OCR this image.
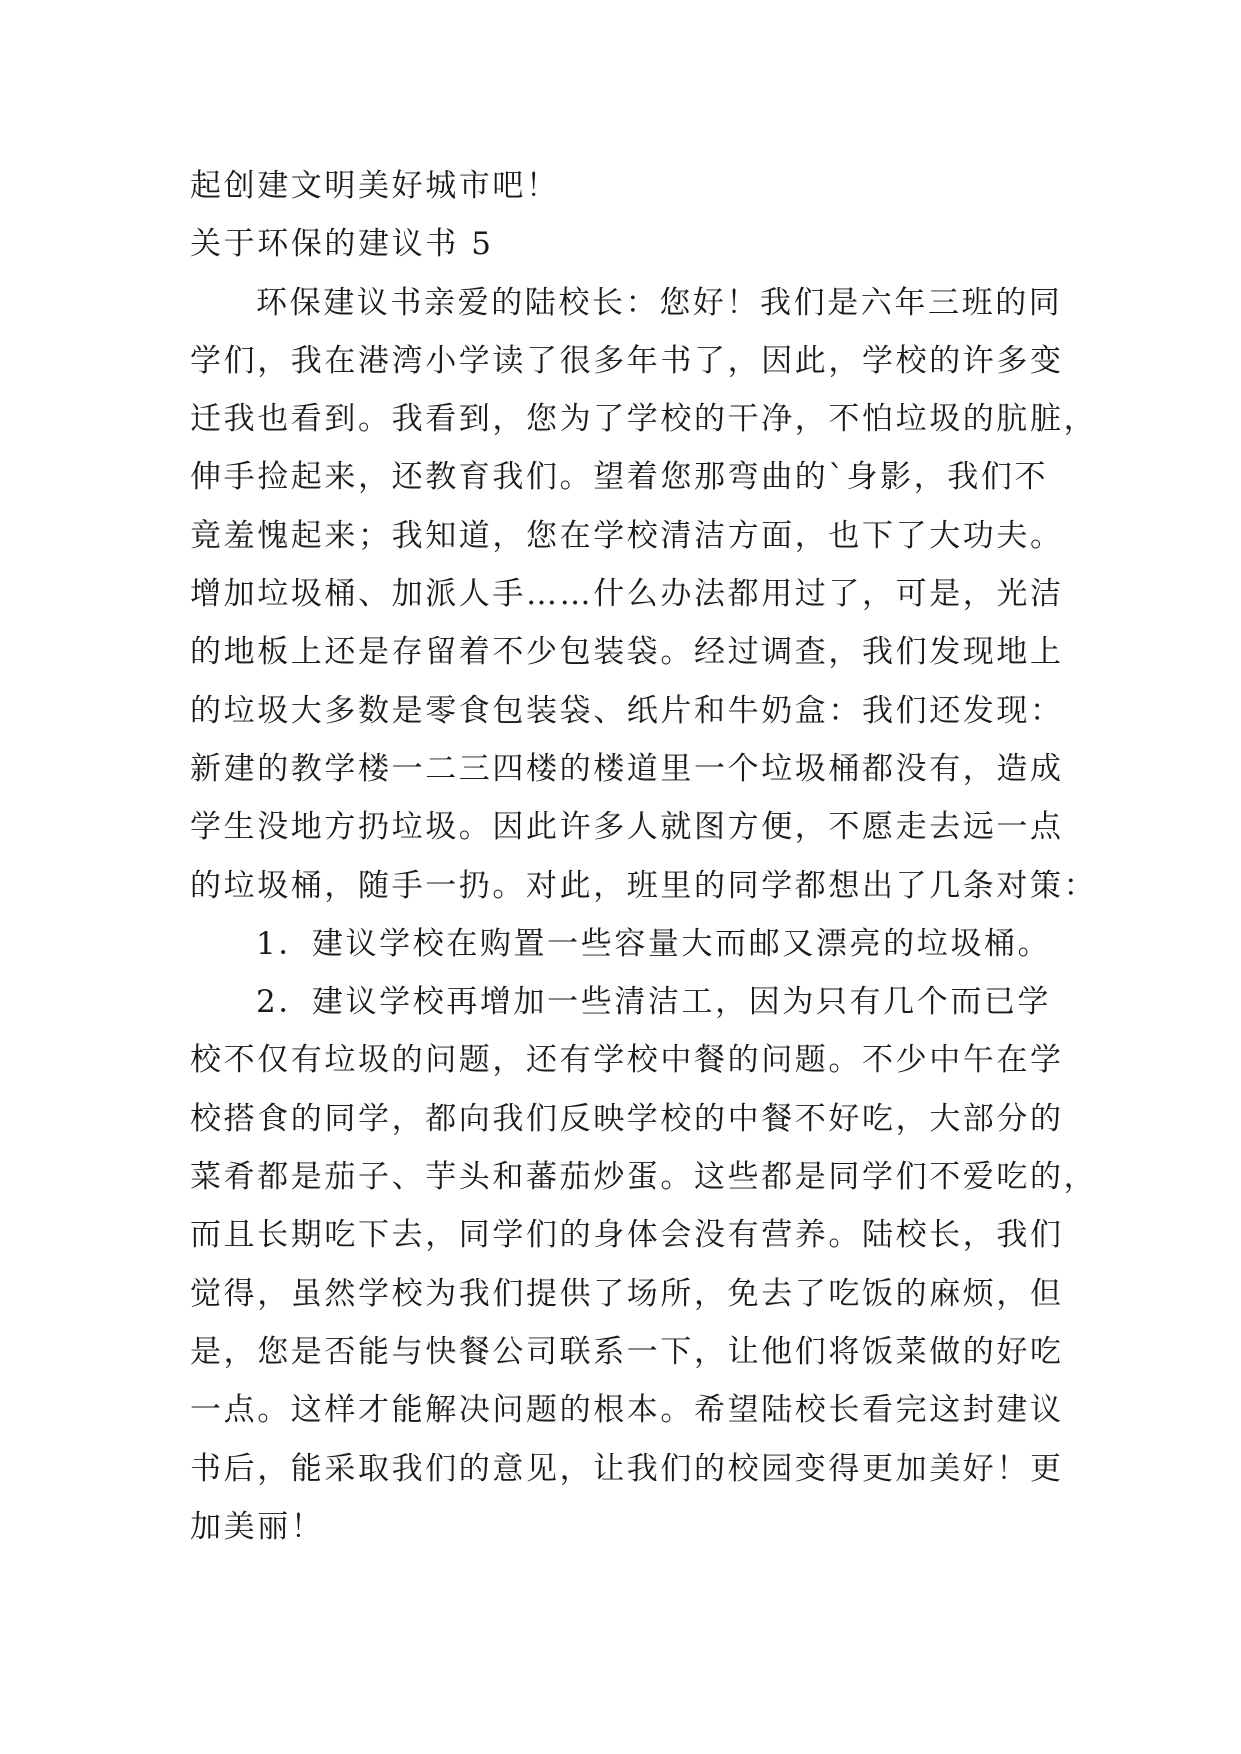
起创建文明美好城市吧！
关于环保的建议书 5
环保建议书亲爱的陆校长：您好！我们是六年三班的同
学们，我在港湾小学读了很多年书了，因此，学校的许多变
迁我也看到。我看到，您为了学校的干净，不怕垃圾的肮脏，
伸手捡起来，还教育我们。望着您那弯曲的`身影，我们不
竟羞愧起来；我知道，您在学校清洁方面，也下了大功夫。
增加垃圾桶、加派人手……什么办法都用过了，可是，光洁
的地板上还是存留着不少包装袋。经过调查，我们发现地上
的垃圾大多数是零食包装袋、纸片和牛奶盒：我们还发现：
新建的教学楼一二三四楼的楼道里一个垃圾桶都没有，造成
学生没地方扔垃圾。因此许多人就图方便，不愿走去远一点
的垃圾桶，随手一扔。对此，班里的同学都想出了几条对策：
1．建议学校在购置一些容量大而邮又漂亮的垃圾桶。
2．建议学校再增加一些清洁工，因为只有几个而已学
校不仅有垃圾的问题，还有学校中餐的问题。不少中午在学
校搭食的同学，都向我们反映学校的中餐不好吃，大部分的
菜肴都是茄子、芋头和蕃茄炒蛋。这些都是同学们不爱吃的，
而且长期吃下去，同学们的身体会没有营养。陆校长，我们
觉得，虽然学校为我们提供了场所，免去了吃饭的麻烦，但
是，您是否能与快餐公司联系一下，让他们将饭菜做的好吃
一点。这样才能解决问题的根本。希望陆校长看完这封建议
书后，能采取我们的意见，让我们的校园变得更加美好！更
加美丽！
